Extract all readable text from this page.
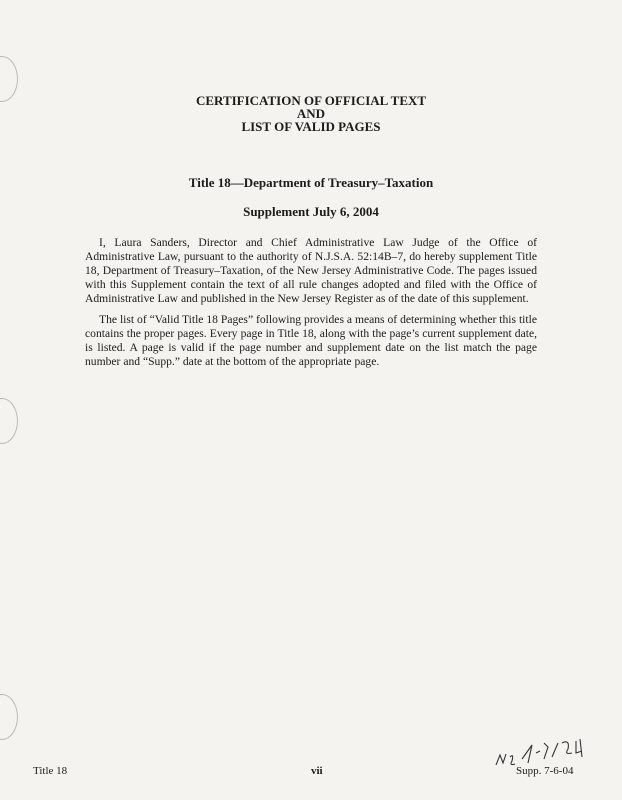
CERTIFICATION OF OFFICIAL TEXT
AND
LIST OF VALID PAGES
Title 18—Department of Treasury–Taxation
Supplement July 6, 2004

I, Laura Sanders, Director and Chief Administrative Law Judge of the Office of Administrative Law, pursuant to the authority of N.J.S.A. 52:14B–7, do hereby supplement Title 18, Department of Treasury–Taxation, of the New Jersey Administrative Code. The pages issued with this Supplement contain the text of all rule changes adopted and filed with the Office of Administrative Law and published in the New Jersey Register as of the date of this supplement.

The list of “Valid Title 18 Pages” following provides a means of determining whether this title contains the proper pages. Every page in Title 18, along with the page’s current supplement date, is listed. A page is valid if the page number and supplement date on the list match the page number and “Supp.” date at the bottom of the appropriate page.

Title 18	vii	Supp. 7-6-04
